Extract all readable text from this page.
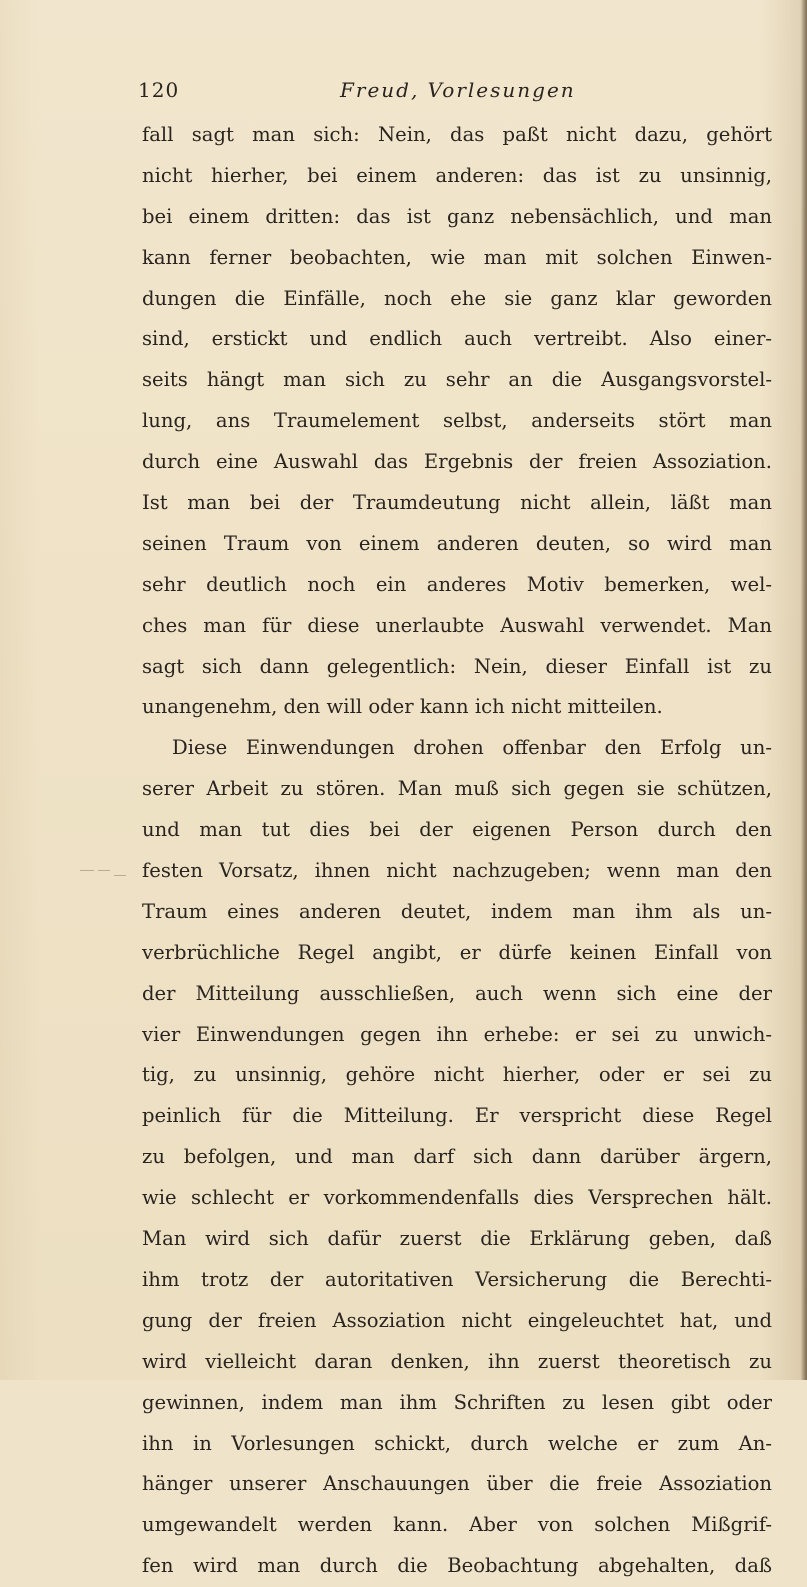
120	Freud, Vorlesungen
fall sagt man sich: Nein, das paßt nicht dazu, gehört
nicht hierher, bei einem anderen: das ist zu unsinnig,
bei einem dritten: das ist ganz nebensächlich, und man
kann ferner beobachten, wie man mit solchen Einwen-
dungen die Einfälle, noch ehe sie ganz klar geworden
sind, erstickt und endlich auch vertreibt. Also einer-
seits hängt man sich zu sehr an die Ausgangsvorstel-
lung, ans Traumelement selbst, anderseits stört man
durch eine Auswahl das Ergebnis der freien Assoziation.
Ist man bei der Traumdeutung nicht allein, läßt man
seinen Traum von einem anderen deuten, so wird man
sehr deutlich noch ein anderes Motiv bemerken, wel-
ches man für diese unerlaubte Auswahl verwendet. Man
sagt sich dann gelegentlich: Nein, dieser Einfall ist zu
unangenehm, den will oder kann ich nicht mitteilen.
Diese Einwendungen drohen offenbar den Erfolg un-
serer Arbeit zu stören. Man muß sich gegen sie schützen,
und man tut dies bei der eigenen Person durch den
festen Vorsatz, ihnen nicht nachzugeben; wenn man den
Traum eines anderen deutet, indem man ihm als un-
verbrüchliche Regel angibt, er dürfe keinen Einfall von
der Mitteilung ausschließen, auch wenn sich eine der
vier Einwendungen gegen ihn erhebe: er sei zu unwich-
tig, zu unsinnig, gehöre nicht hierher, oder er sei zu
peinlich für die Mitteilung. Er verspricht diese Regel
zu befolgen, und man darf sich dann darüber ärgern,
wie schlecht er vorkommendenfalls dies Versprechen hält.
Man wird sich dafür zuerst die Erklärung geben, daß
ihm trotz der autoritativen Versicherung die Berechti-
gung der freien Assoziation nicht eingeleuchtet hat, und
wird vielleicht daran denken, ihn zuerst theoretisch zu
gewinnen, indem man ihm Schriften zu lesen gibt oder
ihn in Vorlesungen schickt, durch welche er zum An-
hänger unserer Anschauungen über die freie Assoziation
umgewandelt werden kann. Aber von solchen Mißgrif-
fen wird man durch die Beobachtung abgehalten, daß
